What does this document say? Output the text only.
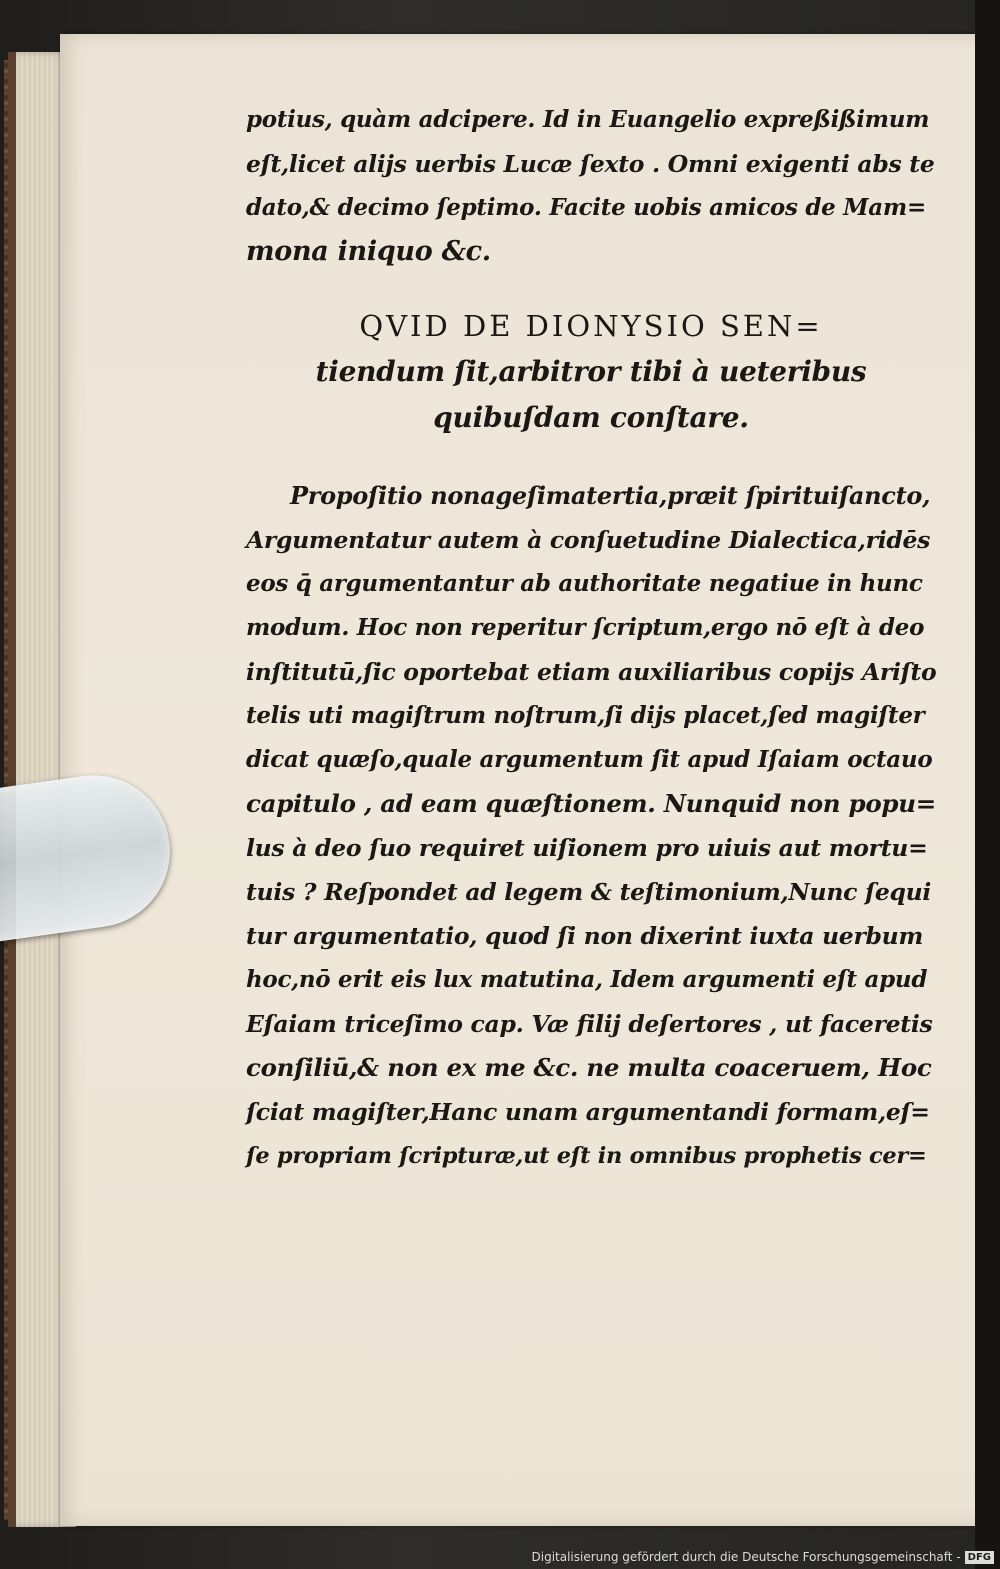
potius, quàm adcipere. Id in Euangelio expreßißimum
eſt,licet alijs uerbis Lucæ ſexto . Omni exigenti abs te
dato,& decimo ſeptimo. Facite uobis amicos de Mam=
mona iniquo &c.
QVID DE DIONYSIO SEN=
tiendum ſit,arbitror tibi à ueteribus
quibuſdam conſtare.
Propoſitio nonageſimatertia,præit ſpirituiſancto,
Argumentatur autem à conſuetudine Dialectica,ridēs
eos q̄ argumentantur ab authoritate negatiue in hunc
modum. Hoc non reperitur ſcriptum,ergo nō eſt à deo
inſtitutū,ſic oportebat etiam auxiliaribus copijs Ariſto
telis uti magiſtrum noſtrum,ſi dijs placet,ſed magiſter
dicat quæſo,quale argumentum ſit apud Iſaiam octauo
capitulo , ad eam quæſtionem. Nunquid non popu=
lus à deo ſuo requiret uiſionem pro uiuis aut mortu=
tuis ? Reſpondet ad legem & teſtimonium,Nunc ſequi
tur argumentatio, quod ſi non dixerint iuxta uerbum
hoc,nō erit eis lux matutina, Idem argumenti eſt apud
Eſaiam triceſimo cap. Væ filij deſertores , ut faceretis
conſiliū,& non ex me &c. ne multa coaceruem, Hoc
ſciat magiſter,Hanc unam argumentandi formam,eſ=
ſe propriam ſcripturæ,ut eſt in omnibus prophetis cer=
Digitalisierung gefördert durch die Deutsche Forschungsgemeinschaft - DFG
